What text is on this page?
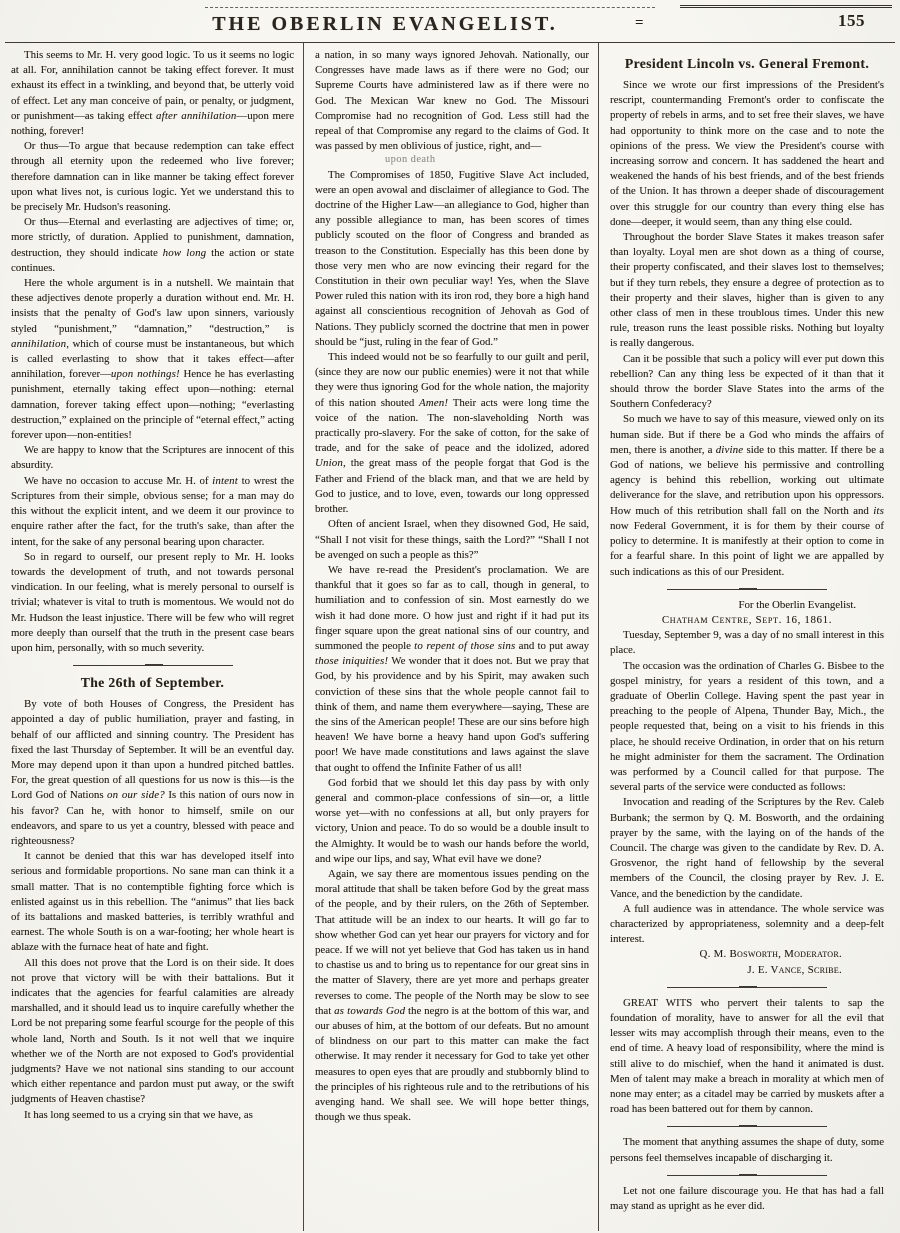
THE OBERLIN EVANGELIST.	=	155

This seems to Mr. H. very good logic. To us it seems no logic at all. For, annihilation cannot be taking effect forever. It must exhaust its effect in a twinkling, and beyond that, be utterly void of effect. Let any man conceive of pain, or penalty, or judgment, or punishment—as taking effect after annihilation—upon mere nothing, forever!

Or thus—To argue that because redemption can take effect through all eternity upon the redeemed who live forever; therefore damnation can in like manner be taking effect forever upon what lives not, is curious logic. Yet we understand this to be precisely Mr. Hudson's reasoning.

Or thus—Eternal and everlasting are adjectives of time; or, more strictly, of duration. Applied to punishment, damnation, destruction, they should indicate how long the action or state continues.

Here the whole argument is in a nutshell. We maintain that these adjectives denote properly a duration without end. Mr. H. insists that the penalty of God's law upon sinners, variously styled “punishment,” “damnation,” “destruction,” is annihilation, which of course must be instantaneous, but which is called everlasting to show that it takes effect—after annihilation, forever—upon nothings! Hence he has everlasting punishment, eternally taking effect upon—nothing: eternal damnation, forever taking effect upon—nothing; “everlasting destruction,” explained on the principle of “eternal effect,” acting forever upon—non-entities!

We are happy to know that the Scriptures are innocent of this absurdity.

We have no occasion to accuse Mr. H. of intent to wrest the Scriptures from their simple, obvious sense; for a man may do this without the explicit intent, and we deem it our province to enquire rather after the fact, for the truth's sake, than after the intent, for the sake of any personal bearing upon character.

So in regard to ourself, our present reply to Mr. H. looks towards the development of truth, and not towards personal vindication. In our feeling, what is merely personal to ourself is trivial; whatever is vital to truth is momentous. We would not do Mr. Hudson the least injustice. There will be few who will regret more deeply than ourself that the truth in the present case bears upon him, personally, with so much severity.

The 26th of September.

By vote of both Houses of Congress, the President has appointed a day of public humiliation, prayer and fasting, in behalf of our afflicted and sinning country. The President has fixed the last Thursday of September. It will be an eventful day. More may depend upon it than upon a hundred pitched battles. For, the great question of all questions for us now is this—is the Lord God of Nations on our side? Is this nation of ours now in his favor? Can he, with honor to himself, smile on our endeavors, and spare to us yet a country, blessed with peace and righteousness?

It cannot be denied that this war has developed itself into serious and formidable proportions. No sane man can think it a small matter. That is no contemptible fighting force which is enlisted against us in this rebellion. The “animus” that lies back of its battalions and masked batteries, is terribly wrathful and earnest. The whole South is on a war-footing; her whole heart is ablaze with the furnace heat of hate and fight.

All this does not prove that the Lord is on their side. It does not prove that victory will be with their battalions. But it indicates that the agencies for fearful calamities are already marshalled, and it should lead us to inquire carefully whether the Lord be not preparing some fearful scourge for the people of this whole land, North and South. Is it not well that we inquire whether we of the North are not exposed to God's providential judgments? Have we not national sins standing to our account which either repentance and pardon must put away, or the swift judgments of Heaven chastise?

It has long seemed to us a crying sin that we have, as

a nation, in so many ways ignored Jehovah. Nationally, our Congresses have made laws as if there were no God; our Supreme Courts have administered law as if there were no God. The Mexican War knew no God. The Missouri Compromise had no recognition of God. Less still had the repeal of that Compromise any regard to the claims of God. It was passed by men oblivious of justice, right, and—

upon death

The Compromises of 1850, Fugitive Slave Act included, were an open avowal and disclaimer of allegiance to God. The doctrine of the Higher Law—an allegiance to God, higher than any possible allegiance to man, has been scores of times publicly scouted on the floor of Congress and branded as treason to the Constitution. Especially has this been done by those very men who are now evincing their regard for the Constitution in their own peculiar way! Yes, when the Slave Power ruled this nation with its iron rod, they bore a high hand against all conscientious recognition of Jehovah as God of Nations. They publicly scorned the doctrine that men in power should be “just, ruling in the fear of God.”

This indeed would not be so fearfully to our guilt and peril, (since they are now our public enemies) were it not that while they were thus ignoring God for the whole nation, the majority of this nation shouted Amen! Their acts were long time the voice of the nation. The non-slaveholding North was practically pro-slavery. For the sake of cotton, for the sake of trade, and for the sake of peace and the idolized, adored Union, the great mass of the people forgat that God is the Father and Friend of the black man, and that we are held by God to justice, and to love, even, towards our long oppressed brother.

Often of ancient Israel, when they disowned God, He said, “Shall I not visit for these things, saith the Lord?” “Shall I not be avenged on such a people as this?”

We have re-read the President's proclamation. We are thankful that it goes so far as to call, though in general, to humiliation and to confession of sin. Most earnestly do we wish it had done more. O how just and right if it had put its finger square upon the great national sins of our country, and summoned the people to repent of those sins and to put away those iniquities! We wonder that it does not. But we pray that God, by his providence and by his Spirit, may awaken such conviction of these sins that the whole people cannot fail to think of them, and name them everywhere—saying, These are the sins of the American people! These are our sins before high heaven! We have borne a heavy hand upon God's suffering poor! We have made constitutions and laws against the slave that ought to offend the Infinite Father of us all!

God forbid that we should let this day pass by with only general and common-place confessions of sin—or, a little worse yet—with no confessions at all, but only prayers for victory, Union and peace. To do so would be a double insult to the Almighty. It would be to wash our hands before the world, and wipe our lips, and say, What evil have we done?

Again, we say there are momentous issues pending on the moral attitude that shall be taken before God by the great mass of the people, and by their rulers, on the 26th of September. That attitude will be an index to our hearts. It will go far to show whether God can yet hear our prayers for victory and for peace. If we will not yet believe that God has taken us in hand to chastise us and to bring us to repentance for our great sins in the matter of Slavery, there are yet more and perhaps greater reverses to come. The people of the North may be slow to see that as towards God the negro is at the bottom of this war, and our abuses of him, at the bottom of our defeats. But no amount of blindness on our part to this matter can make the fact otherwise. It may render it necessary for God to take yet other measures to open eyes that are proudly and stubbornly blind to the principles of his righteous rule and to the retributions of his avenging hand. We shall see. We will hope better things, though we thus speak.

President Lincoln vs. General Fremont.

Since we wrote our first impressions of the President's rescript, countermanding Fremont's order to confiscate the property of rebels in arms, and to set free their slaves, we have had opportunity to think more on the case and to note the opinions of the press. We view the President's course with increasing sorrow and concern. It has saddened the heart and weakened the hands of his best friends, and of the best friends of the Union. It has thrown a deeper shade of discouragement over this struggle for our country than every thing else has done—deeper, it would seem, than any thing else could.

Throughout the border Slave States it makes treason safer than loyalty. Loyal men are shot down as a thing of course, their property confiscated, and their slaves lost to themselves; but if they turn rebels, they ensure a degree of protection as to their property and their slaves, higher than is given to any other class of men in these troublous times. Under this new rule, treason runs the least possible risks. Nothing but loyalty is really dangerous.

Can it be possible that such a policy will ever put down this rebellion? Can any thing less be expected of it than that it should throw the border Slave States into the arms of the Southern Confederacy?

So much we have to say of this measure, viewed only on its human side. But if there be a God who minds the affairs of men, there is another, a divine side to this matter. If there be a God of nations, we believe his permissive and controlling agency is behind this rebellion, working out ultimate deliverance for the slave, and retribution upon his oppressors. How much of this retribution shall fall on the North and its now Federal Government, it is for them by their course of policy to determine. It is manifestly at their option to come in for a fearful share. In this point of light we are appalled by such indications as this of our President.

For the Oberlin Evangelist.

Chatham Centre, Sept. 16, 1861.

Tuesday, September 9, was a day of no small interest in this place.

The occasion was the ordination of Charles G. Bisbee to the gospel ministry, for years a resident of this town, and a graduate of Oberlin College. Having spent the past year in preaching to the people of Alpena, Thunder Bay, Mich., the people requested that, being on a visit to his friends in this place, he should receive Ordination, in order that on his return he might administer for them the sacrament. The Ordination was performed by a Council called for that purpose. The several parts of the service were conducted as follows:

Invocation and reading of the Scriptures by the Rev. Caleb Burbank; the sermon by Q. M. Bosworth, and the ordaining prayer by the same, with the laying on of the hands of the Council. The charge was given to the candidate by Rev. D. A. Grosvenor, the right hand of fellowship by the several members of the Council, the closing prayer by Rev. J. E. Vance, and the benediction by the candidate.

A full audience was in attendance. The whole service was characterized by appropriateness, solemnity and a deep-felt interest.

Q. M. Bosworth, Moderator.

J. E. Vance, Scribe.

GREAT WITS who pervert their talents to sap the foundation of morality, have to answer for all the evil that lesser wits may accomplish through their means, even to the end of time. A heavy load of responsibility, where the mind is still alive to do mischief, when the hand it animated is dust. Men of talent may make a breach in morality at which men of none may enter; as a citadel may be carried by muskets after a road has been battered out for them by cannon.

The moment that anything assumes the shape of duty, some persons feel themselves incapable of discharging it.

Let not one failure discourage you. He that has had a fall may stand as upright as he ever did.
